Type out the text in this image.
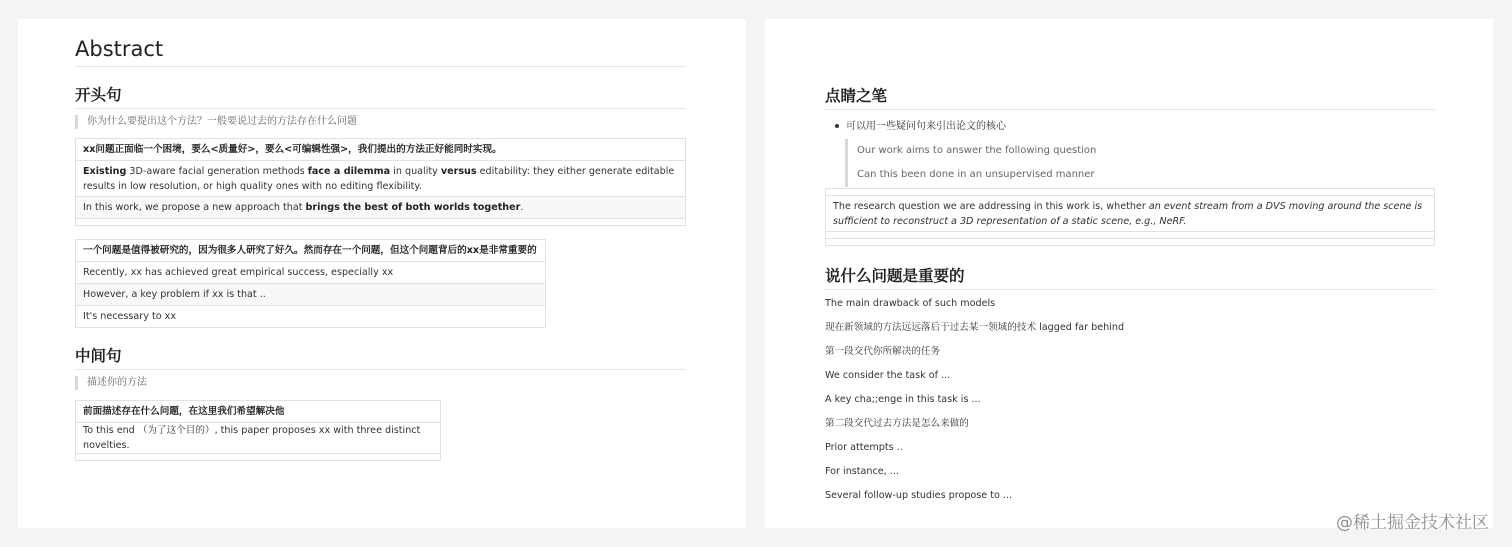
Abstract
开头句
你为什么要提出这个方法？一般要说过去的方法存在什么问题
xx问题正面临一个困境，要么<质量好>，要么<可编辑性强>，我们提出的方法正好能同时实现。
Existing 3D-aware facial generation methods face a dilemma in quality versus editability: they either generate editable results in low resolution, or high quality ones with no editing flexibility.
In this work, we propose a new approach that brings the best of both worlds together.

一个问题是值得被研究的，因为很多人研究了好久。然而存在一个问题，但这个问题背后的xx是非常重要的
Recently, xx has achieved great empirical success, especially xx
However, a key problem if xx is that ..
It's necessary to xx
中间句
描述你的方法
前面描述存在什么问题，在这里我们希望解决他
To this end （为了这个目的）, this paper proposes xx with three distinct novelties.

点睛之笔
可以用一些疑问句来引出论文的核心
Our work aims to answer the following question
Can this been done in an unsupervised manner

The research question we are addressing in this work is, whether an event stream from a DVS moving around the scene is sufficient to reconstruct a 3D representation of a static scene, e.g., NeRF.

说什么问题是重要的
The main drawback of such models
现在新领域的方法远远落后于过去某一领域的技术 lagged far behind
第一段交代你所解决的任务
We consider the task of ...
A key cha;;enge in this task is ...
第二段交代过去方法是怎么来做的
Prior attempts ..
For instance, ...
Several follow-up studies propose to ...
@稀土掘金技术社区
